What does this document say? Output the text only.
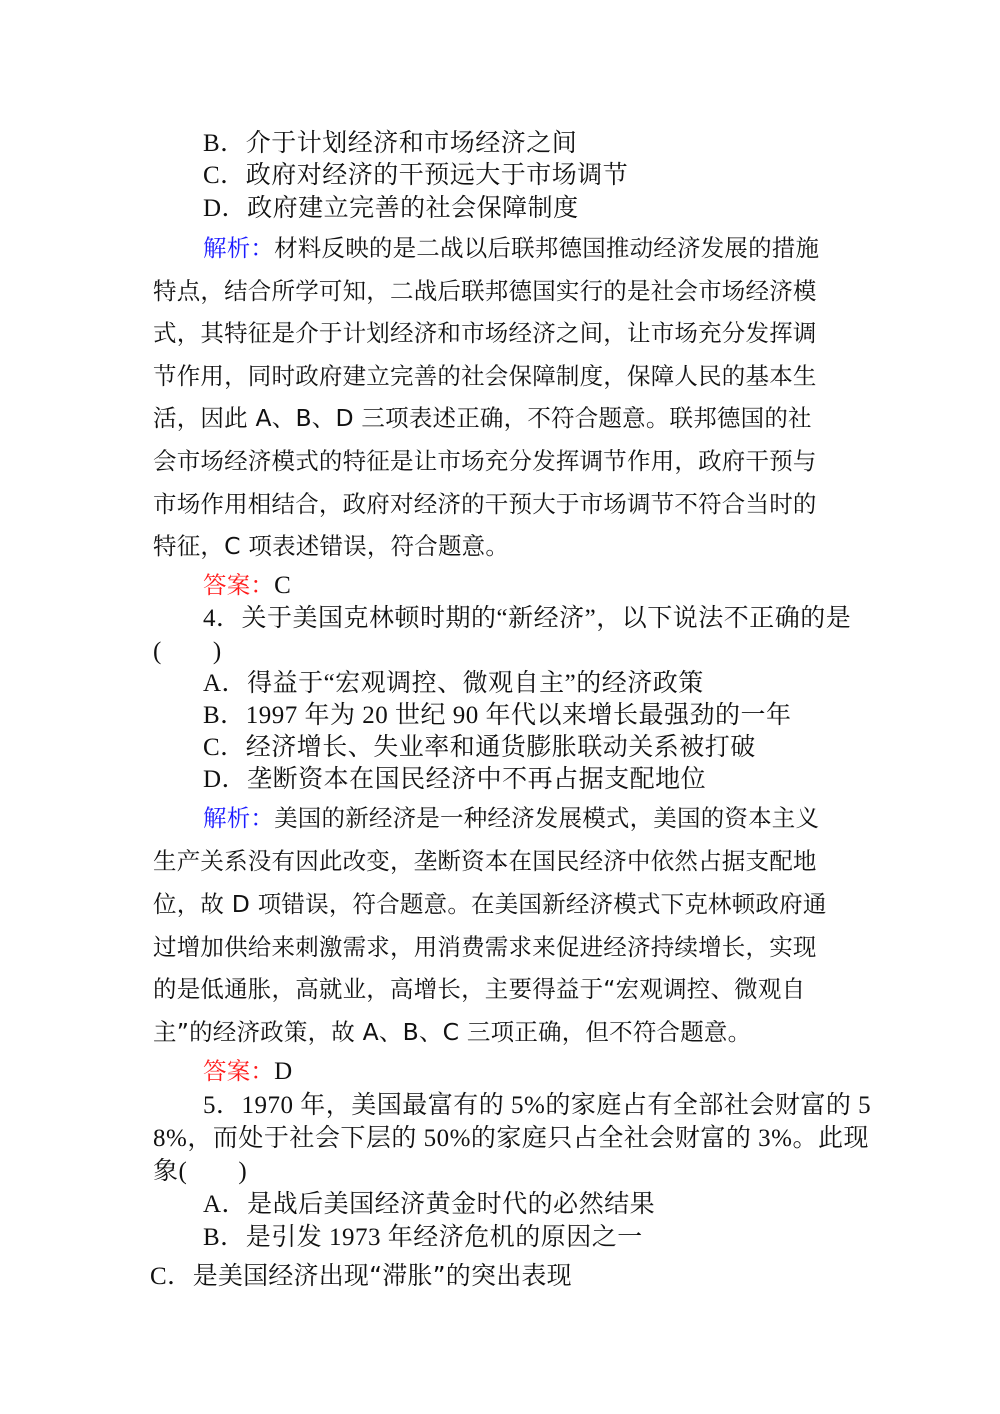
B．介于计划经济和市场经济之间
C．政府对经济的干预远大于市场调节
D．政府建立完善的社会保障制度
解析：材料反映的是二战以后联邦德国推动经济发展的措施
特点，结合所学可知，二战后联邦德国实行的是社会市场经济模
式，其特征是介于计划经济和市场经济之间，让市场充分发挥调
节作用，同时政府建立完善的社会保障制度，保障人民的基本生
活，因此 A、B、D 三项表述正确，不符合题意。联邦德国的社
会市场经济模式的特征是让市场充分发挥调节作用，政府干预与
市场作用相结合，政府对经济的干预大于市场调节不符合当时的
特征，C 项表述错误，符合题意。
答案：C
4．关于美国克林顿时期的“新经济”，以下说法不正确的是
(　　)
A．得益于“宏观调控、微观自主”的经济政策
B．1997 年为 20 世纪 90 年代以来增长最强劲的一年
C．经济增长、失业率和通货膨胀联动关系被打破
D．垄断资本在国民经济中不再占据支配地位
解析：美国的新经济是一种经济发展模式，美国的资本主义
生产关系没有因此改变，垄断资本在国民经济中依然占据支配地
位，故 D 项错误，符合题意。在美国新经济模式下克林顿政府通
过增加供给来刺激需求，用消费需求来促进经济持续增长，实现
的是低通胀，高就业，高增长，主要得益于“宏观调控、微观自
主”的经济政策，故 A、B、C 三项正确，但不符合题意。
答案：D
5．1970 年，美国最富有的 5%的家庭占有全部社会财富的 5
8%，而处于社会下层的 50%的家庭只占全社会财富的 3%。此现
象(　　)
A．是战后美国经济黄金时代的必然结果
B．是引发 1973 年经济危机的原因之一
C．是美国经济出现“滞胀”的突出表现
